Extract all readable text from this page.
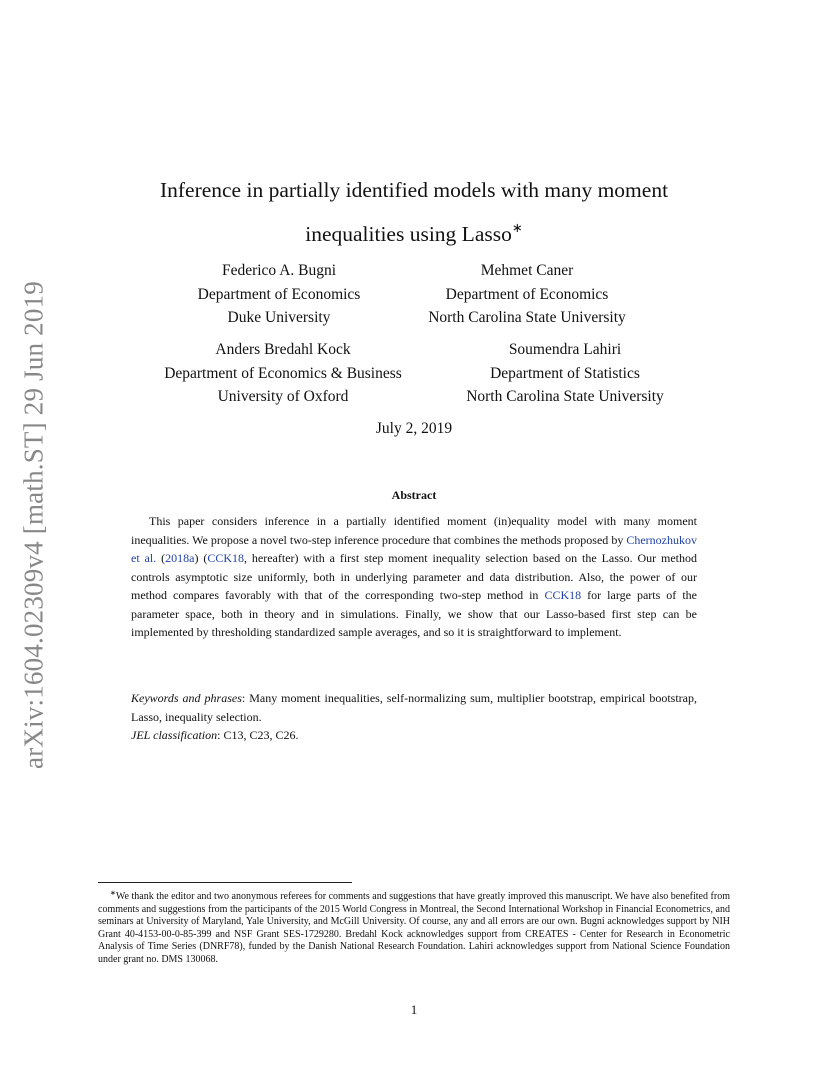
arXiv:1604.02309v4 [math.ST] 29 Jun 2019
Inference in partially identified models with many moment
inequalities using Lasso∗
Federico A. Bugni
Department of Economics
Duke University
Mehmet Caner
Department of Economics
North Carolina State University
Anders Bredahl Kock
Department of Economics & Business
University of Oxford
Soumendra Lahiri
Department of Statistics
North Carolina State University
July 2, 2019
Abstract
This paper considers inference in a partially identified moment (in)equality model with many moment inequalities. We propose a novel two-step inference procedure that combines the methods proposed by Chernozhukov et al. (2018a) (CCK18, hereafter) with a first step moment inequality selection based on the Lasso. Our method controls asymptotic size uniformly, both in underlying parameter and data distribution. Also, the power of our method compares favorably with that of the corresponding two-step method in CCK18 for large parts of the parameter space, both in theory and in simulations. Finally, we show that our Lasso-based first step can be implemented by thresholding standardized sample averages, and so it is straightforward to implement.
Keywords and phrases: Many moment inequalities, self-normalizing sum, multiplier bootstrap, empirical bootstrap, Lasso, inequality selection.
JEL classification: C13, C23, C26.
∗We thank the editor and two anonymous referees for comments and suggestions that have greatly improved this manuscript. We have also benefited from comments and suggestions from the participants of the 2015 World Congress in Montreal, the Second International Workshop in Financial Econometrics, and seminars at University of Maryland, Yale University, and McGill University. Of course, any and all errors are our own. Bugni acknowledges support by NIH Grant 40-4153-00-0-85-399 and NSF Grant SES-1729280. Bredahl Kock acknowledges support from CREATES - Center for Research in Econometric Analysis of Time Series (DNRF78), funded by the Danish National Research Foundation. Lahiri acknowledges support from National Science Foundation under grant no. DMS 130068.
1
